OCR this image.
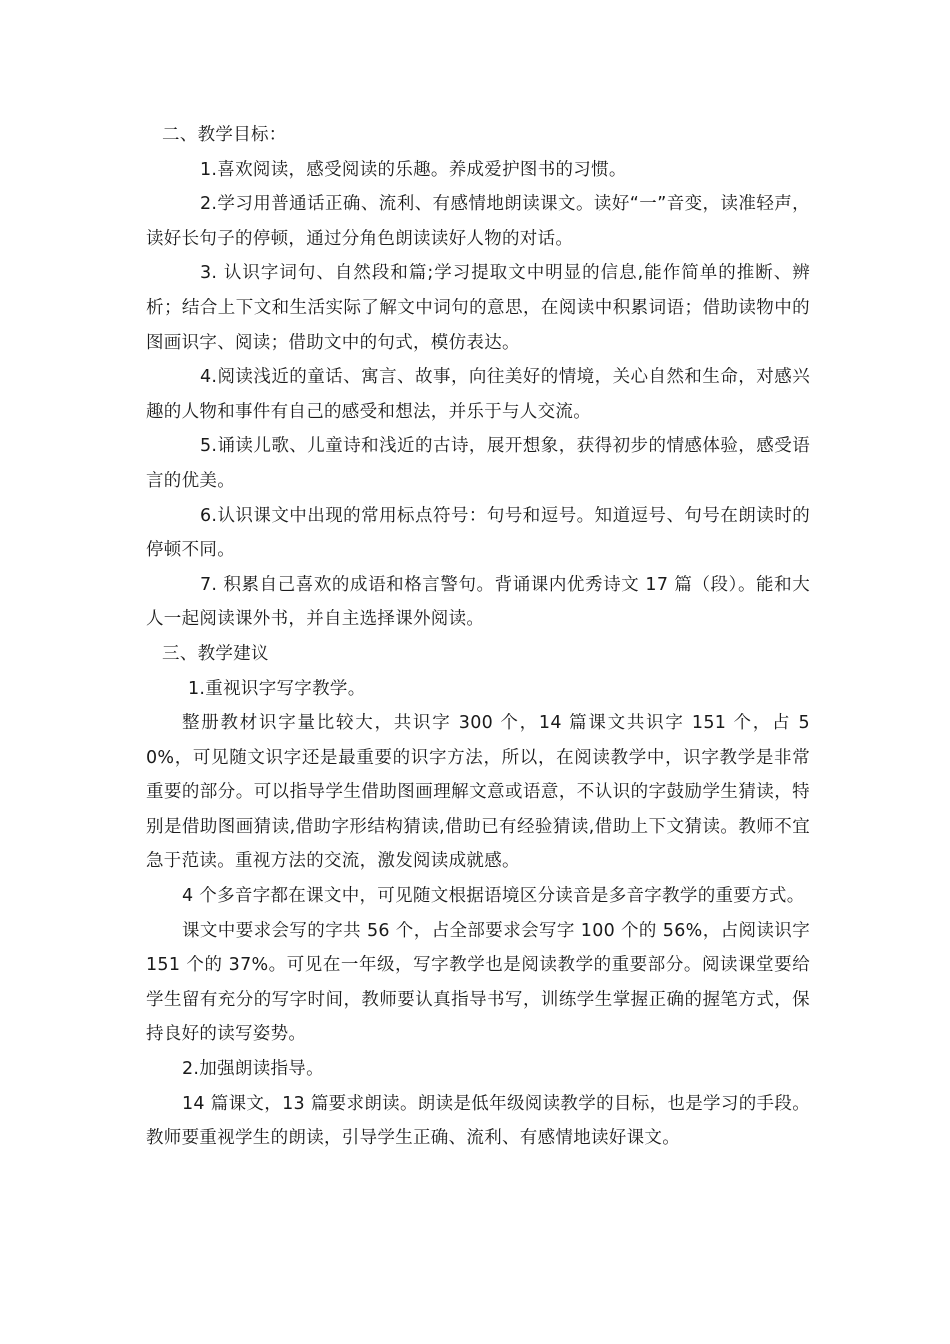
二、教学目标：

1.喜欢阅读，感受阅读的乐趣。养成爱护图书的习惯。

2.学习用普通话正确、流利、有感情地朗读课文。读好“一”音变，读准轻声，读好长句子的停顿，通过分角色朗读读好人物的对话。

3. 认识字词句、自然段和篇;学习提取文中明显的信息,能作简单的推断、辨析；结合上下文和生活实际了解文中词句的意思，在阅读中积累词语；借助读物中的图画识字、阅读；借助文中的句式，模仿表达。

4.阅读浅近的童话、寓言、故事，向往美好的情境，关心自然和生命，对感兴趣的人物和事件有自己的感受和想法，并乐于与人交流。

5.诵读儿歌、儿童诗和浅近的古诗，展开想象，获得初步的情感体验，感受语言的优美。

6.认识课文中出现的常用标点符号：句号和逗号。知道逗号、句号在朗读时的停顿不同。

7. 积累自己喜欢的成语和格言警句。背诵课内优秀诗文 17 篇（段）。能和大人一起阅读课外书，并自主选择课外阅读。

三、教学建议

1.重视识字写字教学。

整册教材识字量比较大，共识字 300 个，14 篇课文共识字 151 个，占 50%，可见随文识字还是最重要的识字方法，所以，在阅读教学中，识字教学是非常重要的部分。可以指导学生借助图画理解文意或语意，不认识的字鼓励学生猜读，特别是借助图画猜读,借助字形结构猜读,借助已有经验猜读,借助上下文猜读。教师不宜急于范读。重视方法的交流，激发阅读成就感。

4 个多音字都在课文中，可见随文根据语境区分读音是多音字教学的重要方式。

课文中要求会写的字共 56 个，占全部要求会写字 100 个的 56%，占阅读识字 151 个的 37%。可见在一年级，写字教学也是阅读教学的重要部分。阅读课堂要给学生留有充分的写字时间，教师要认真指导书写，训练学生掌握正确的握笔方式，保持良好的读写姿势。

2.加强朗读指导。

14 篇课文，13 篇要求朗读。朗读是低年级阅读教学的目标，也是学习的手段。教师要重视学生的朗读，引导学生正确、流利、有感情地读好课文。
